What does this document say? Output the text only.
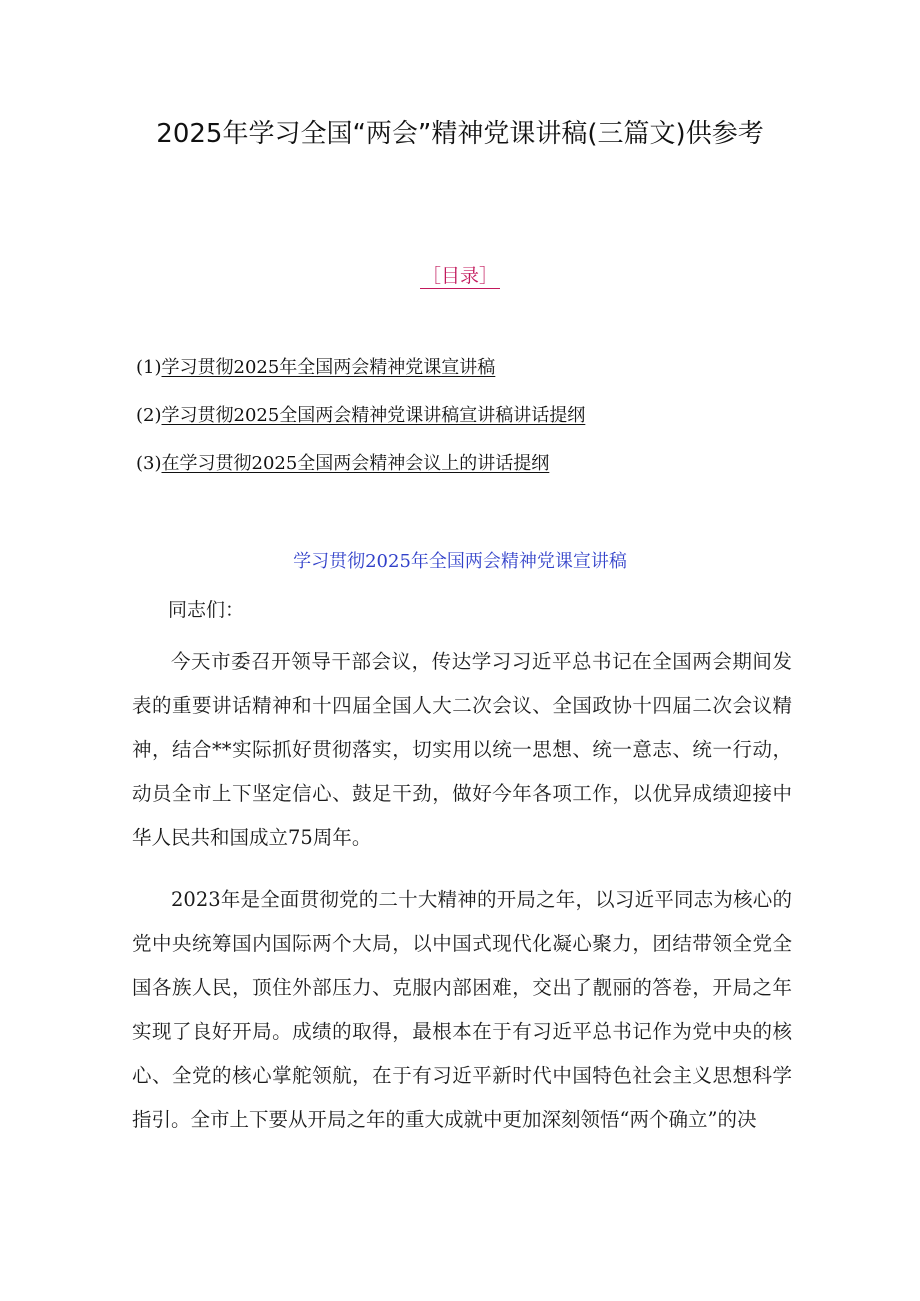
2025年学习全国“两会”精神党课讲稿(三篇文)供参考
［目录］
(1)学习贯彻2025年全国两会精神党课宣讲稿
(2)学习贯彻2025全国两会精神党课讲稿宣讲稿讲话提纲
(3)在学习贯彻2025全国两会精神会议上的讲话提纲
学习贯彻2025年全国两会精神党课宣讲稿
同志们：

今天市委召开领导干部会议，传达学习习近平总书记在全国两会期间发表的重要讲话精神和十四届全国人大二次会议、全国政协十四届二次会议精神，结合**实际抓好贯彻落实，切实用以统一思想、统一意志、统一行动，动员全市上下坚定信心、鼓足干劲，做好今年各项工作，以优异成绩迎接中华人民共和国成立75周年。

2023年是全面贯彻党的二十大精神的开局之年，以习近平同志为核心的党中央统筹国内国际两个大局，以中国式现代化凝心聚力，团结带领全党全国各族人民，顶住外部压力、克服内部困难，交出了靓丽的答卷，开局之年实现了良好开局。成绩的取得，最根本在于有习近平总书记作为党中央的核心、全党的核心掌舵领航，在于有习近平新时代中国特色社会主义思想科学指引。全市上下要从开局之年的重大成就中更加深刻领悟“两个确立”的决
